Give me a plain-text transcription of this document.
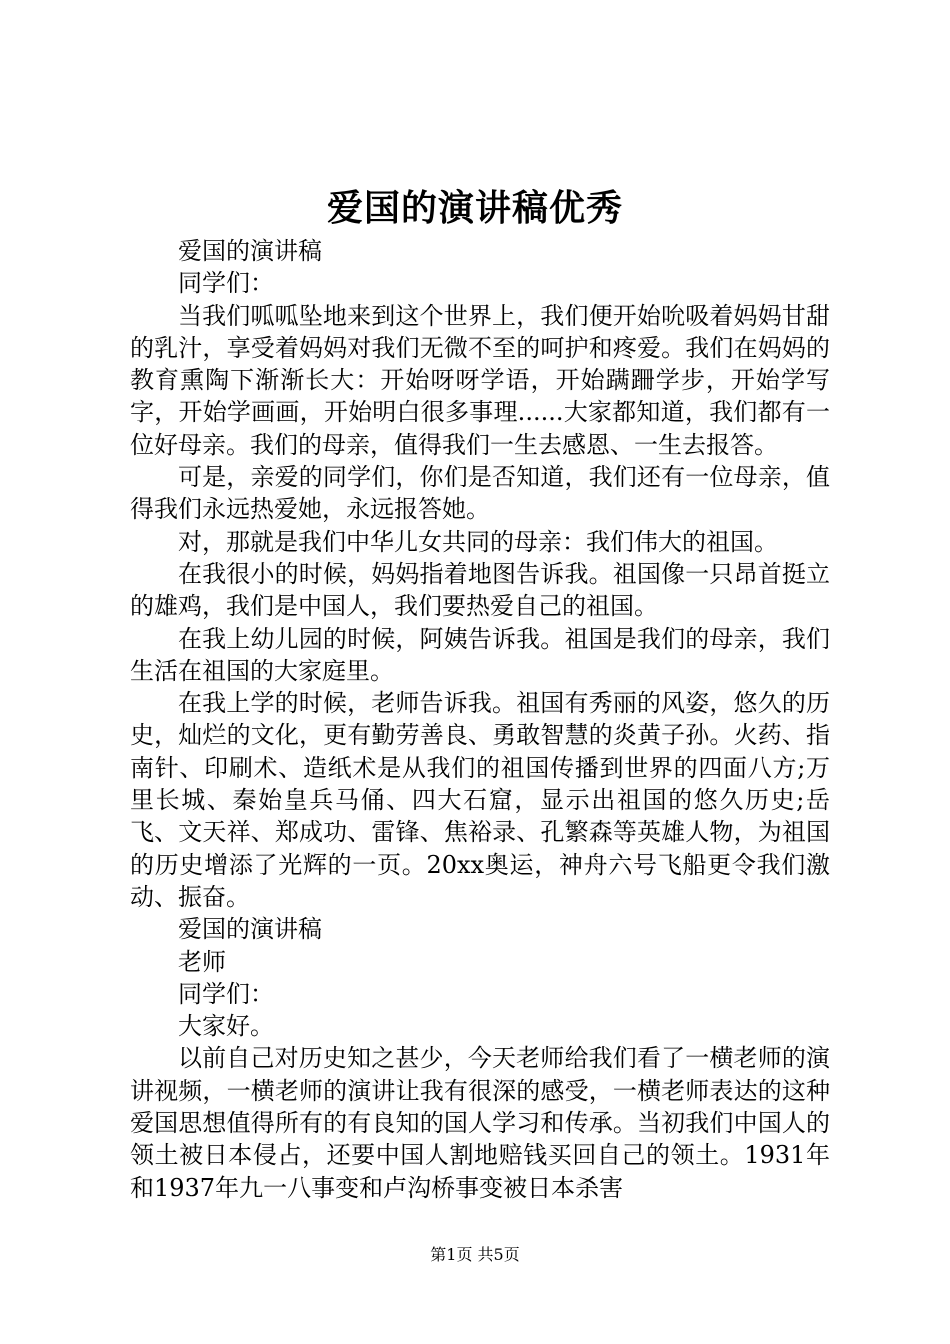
爱国的演讲稿优秀

爱国的演讲稿

同学们：

当我们呱呱坠地来到这个世界上，我们便开始吮吸着妈妈甘甜的乳汁，享受着妈妈对我们无微不至的呵护和疼爱。我们在妈妈的教育熏陶下渐渐长大：开始呀呀学语，开始蹒跚学步，开始学写字，开始学画画，开始明白很多事理......大家都知道，我们都有一位好母亲。我们的母亲，值得我们一生去感恩、一生去报答。

可是，亲爱的同学们，你们是否知道，我们还有一位母亲，值得我们永远热爱她，永远报答她。

对，那就是我们中华儿女共同的母亲：我们伟大的祖国。

在我很小的时候，妈妈指着地图告诉我。祖国像一只昂首挺立的雄鸡，我们是中国人，我们要热爱自己的祖国。

在我上幼儿园的时候，阿姨告诉我。祖国是我们的母亲，我们生活在祖国的大家庭里。

在我上学的时候，老师告诉我。祖国有秀丽的风姿，悠久的历史，灿烂的文化，更有勤劳善良、勇敢智慧的炎黄子孙。火药、指南针、印刷术、造纸术是从我们的祖国传播到世界的四面八方;万里长城、秦始皇兵马俑、四大石窟，显示出祖国的悠久历史;岳飞、文天祥、郑成功、雷锋、焦裕录、孔繁森等英雄人物，为祖国的历史增添了光辉的一页。20xx奥运，神舟六号飞船更令我们激动、振奋。

爱国的演讲稿

老师

同学们：

大家好。

以前自己对历史知之甚少，今天老师给我们看了一横老师的演讲视频，一横老师的演讲让我有很深的感受，一横老师表达的这种爱国思想值得所有的有良知的国人学习和传承。当初我们中国人的领土被日本侵占，还要中国人割地赔钱买回自己的领土。1931年和1937年九一八事变和卢沟桥事变被日本杀害

第1页 共5页
